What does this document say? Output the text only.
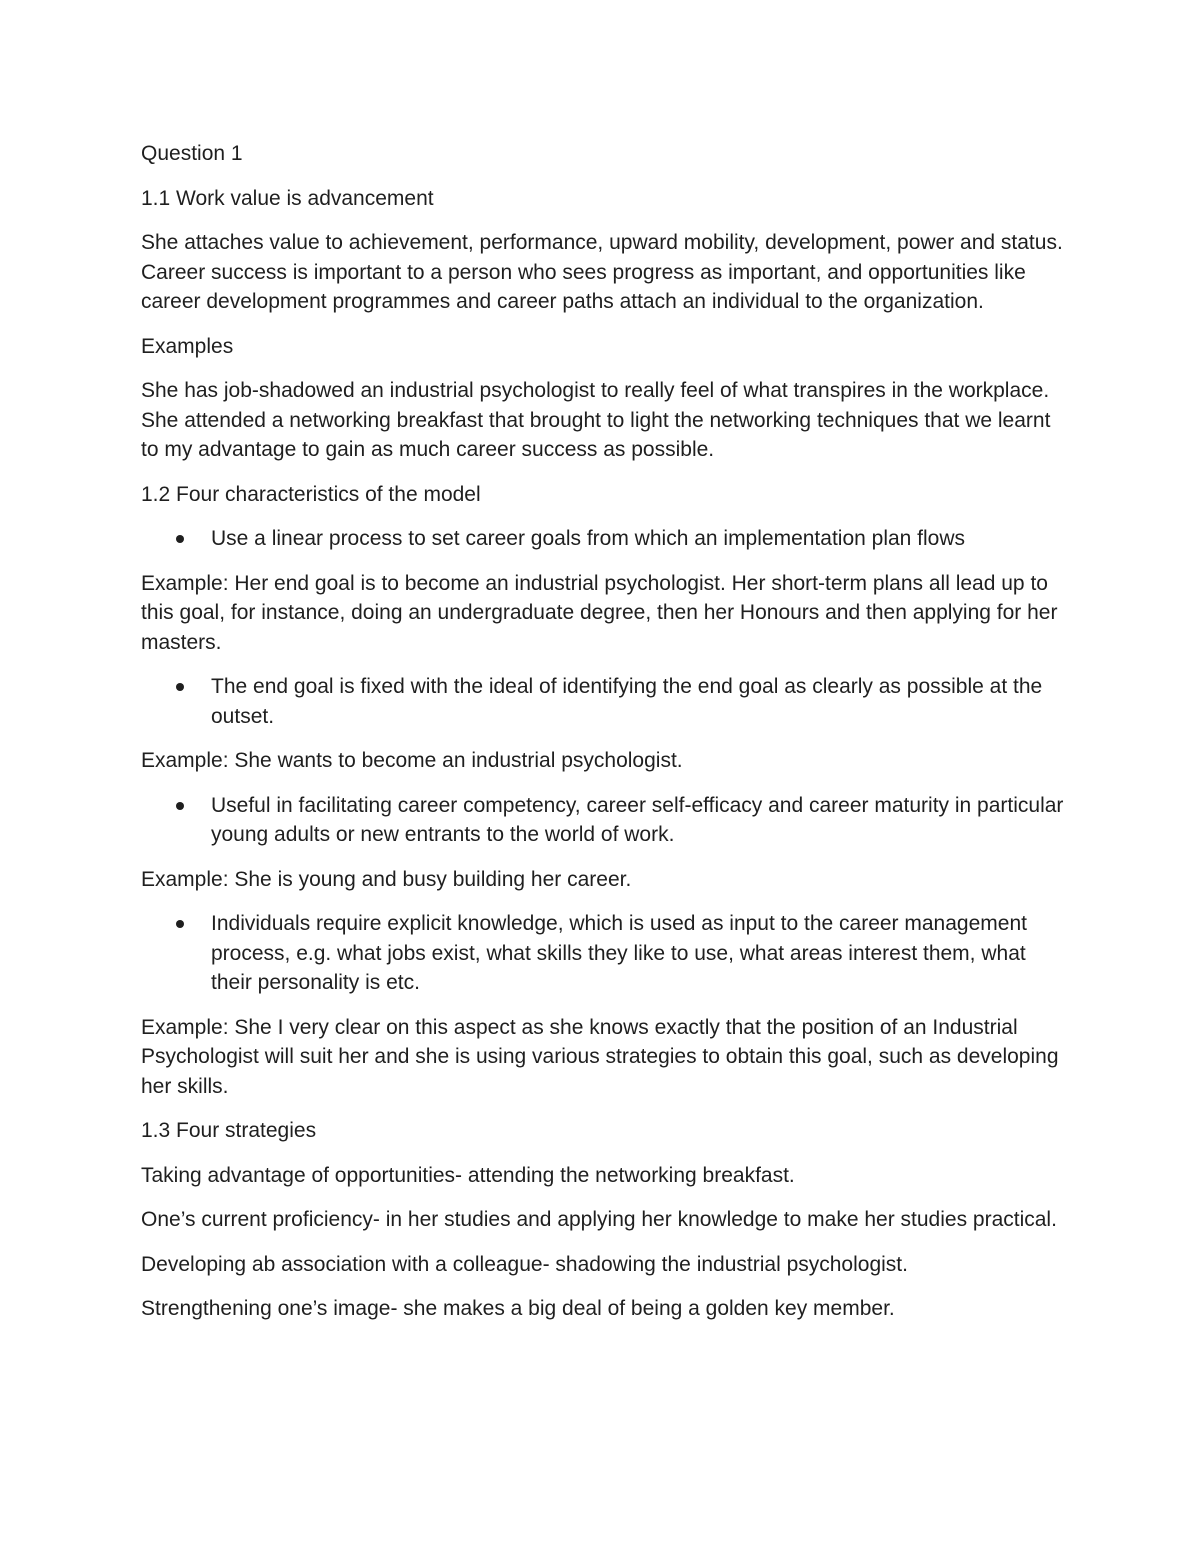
Question 1

1.1 Work value is advancement

She attaches value to achievement, performance, upward mobility, development, power and status. Career success is important to a person who sees progress as important, and opportunities like career development programmes and career paths attach an individual to the organization.

Examples

She has job-shadowed an industrial psychologist to really feel of what transpires in the workplace. She attended a networking breakfast that brought to light the networking techniques that we learnt to my advantage to gain as much career success as possible.

1.2 Four characteristics of the model

Use a linear process to set career goals from which an implementation plan flows

Example: Her end goal is to become an industrial psychologist. Her short-term plans all lead up to this goal, for instance, doing an undergraduate degree, then her Honours and then applying for her masters.

The end goal is fixed with the ideal of identifying the end goal as clearly as possible at the outset.

Example: She wants to become an industrial psychologist.

Useful in facilitating career competency, career self-efficacy and career maturity in particular young adults or new entrants to the world of work.

Example: She is young and busy building her career.

Individuals require explicit knowledge, which is used as input to the career management process, e.g. what jobs exist, what skills they like to use, what areas interest them, what their personality is etc.

Example: She I very clear on this aspect as she knows exactly that the position of an Industrial Psychologist will suit her and she is using various strategies to obtain this goal, such as developing her skills.

1.3 Four strategies

Taking advantage of opportunities- attending the networking breakfast.

One’s current proficiency- in her studies and applying her knowledge to make her studies practical.

Developing ab association with a colleague- shadowing the industrial psychologist.

Strengthening one’s image- she makes a big deal of being a golden key member.
